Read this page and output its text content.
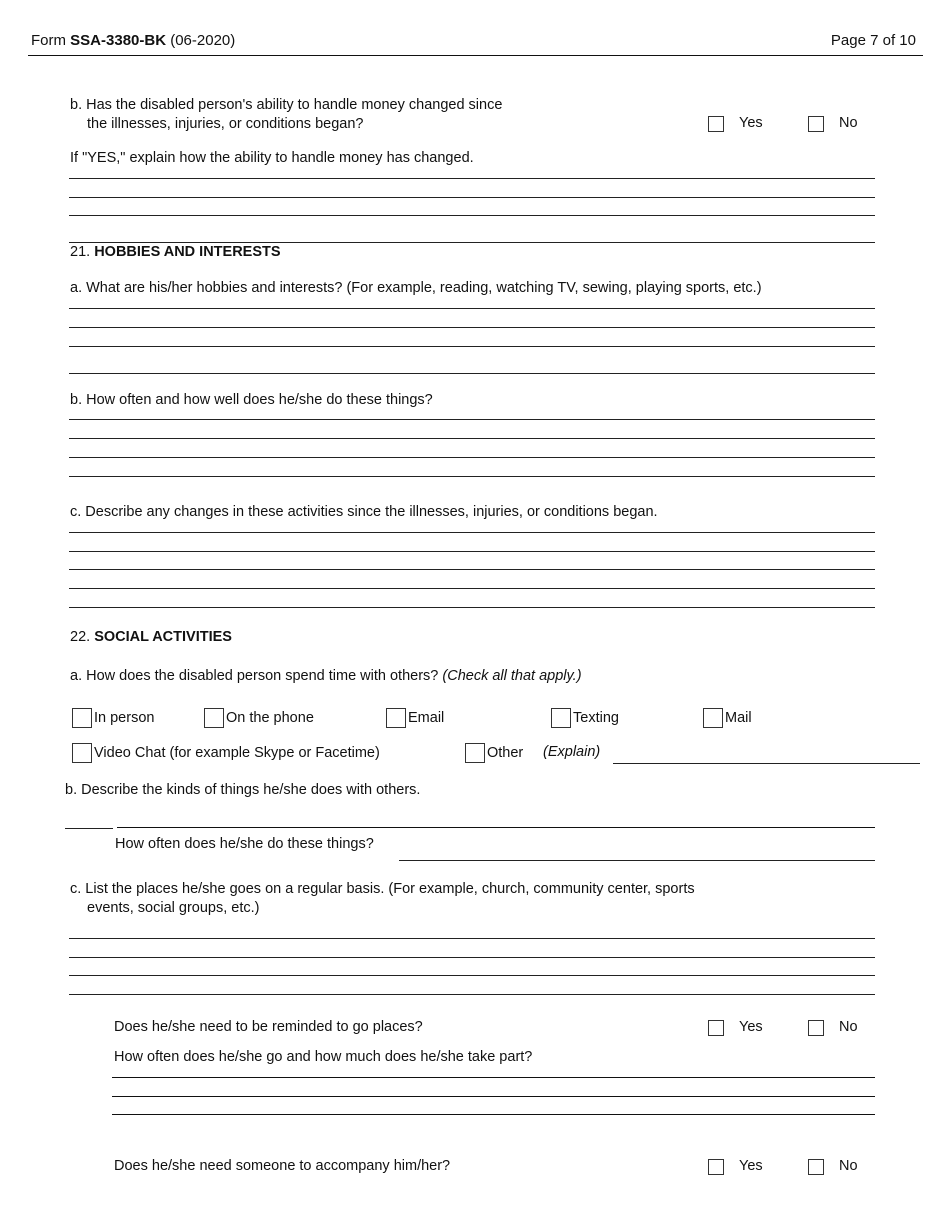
Form SSA-3380-BK (06-2020)	Page 7 of 10
b. Has the disabled person's ability to handle money changed since
the illnesses, injuries, or conditions began?	Yes	No
If "YES," explain how the ability to handle money has changed.
21. HOBBIES AND INTERESTS
a. What are his/her hobbies and interests? (For example, reading, watching TV, sewing, playing sports, etc.)
b. How often and how well does he/she do these things?
c. Describe any changes in these activities since the illnesses, injuries, or conditions began.
22. SOCIAL ACTIVITIES
a. How does the disabled person spend time with others? (Check all that apply.)
In person	On the phone	Email	Texting	Mail
Video Chat (for example Skype or Facetime)	Other (Explain)
b. Describe the kinds of things he/she does with others.
How often does he/she do these things?
c. List the places he/she goes on a regular basis. (For example, church, community center, sports
events, social groups, etc.)
Does he/she need to be reminded to go places?	Yes	No
How often does he/she go and how much does he/she take part?
Does he/she need someone to accompany him/her?	Yes	No
